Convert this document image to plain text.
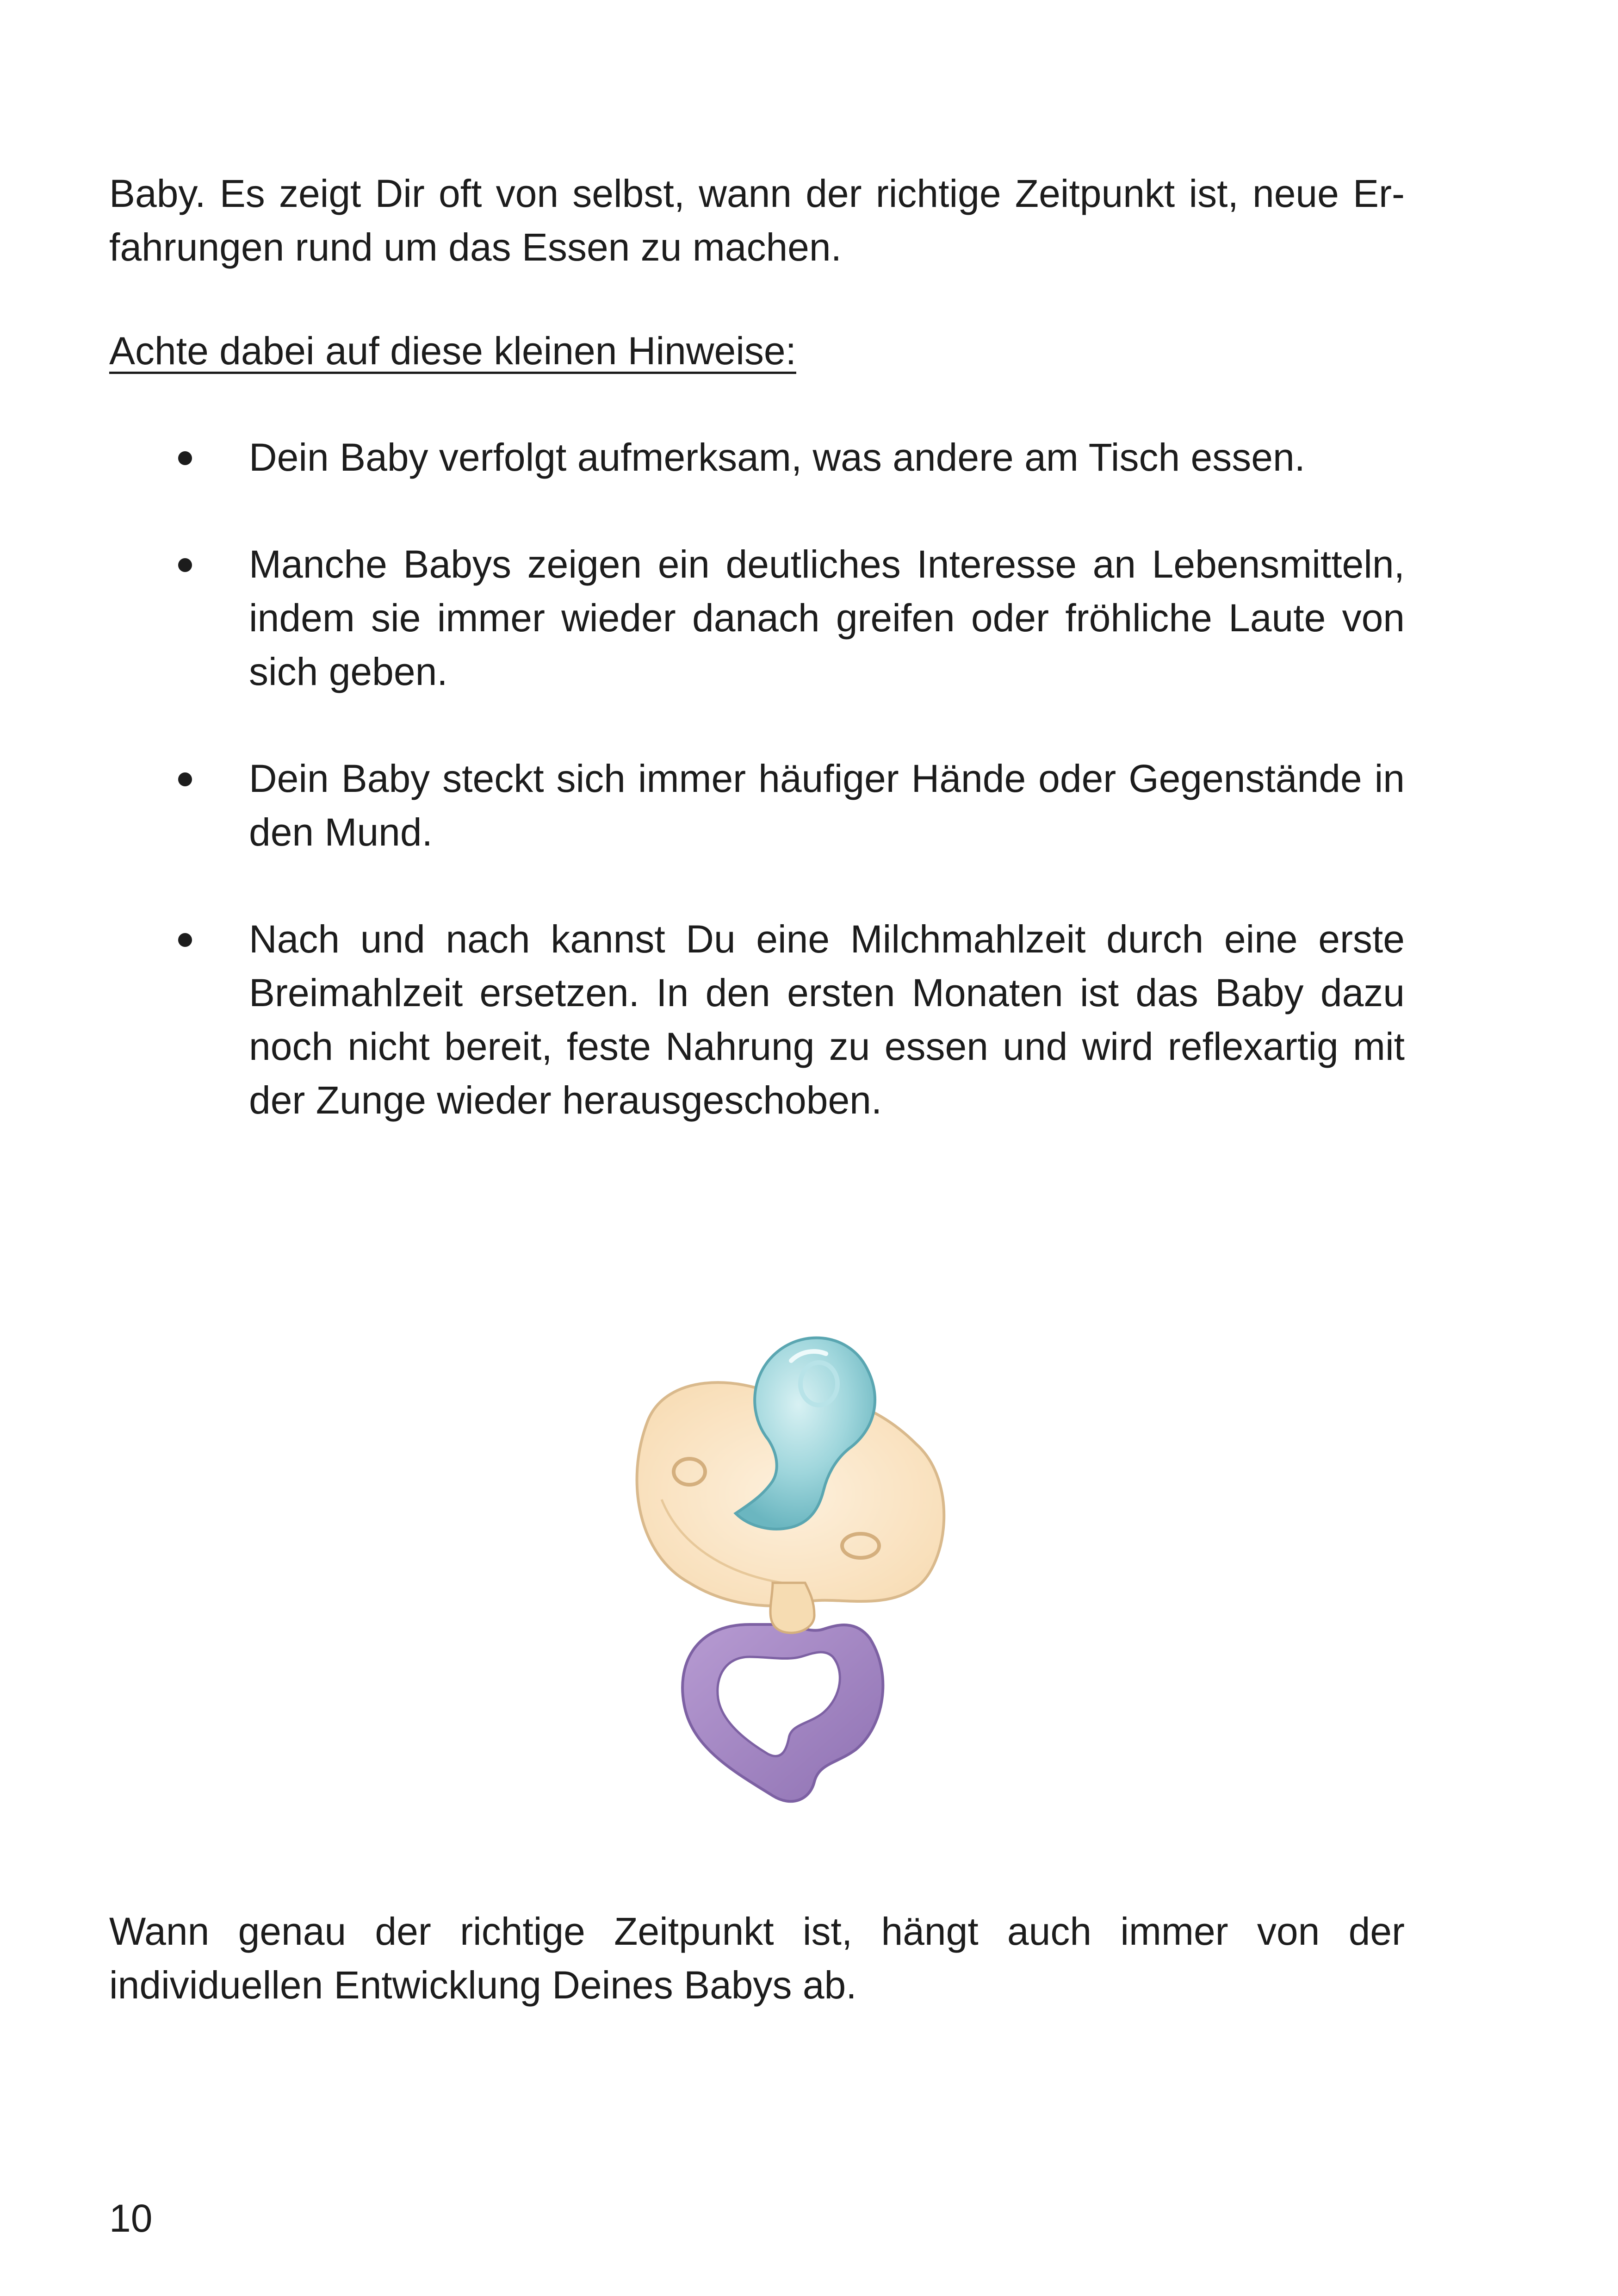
Baby. Es zeigt Dir oft von selbst, wann der richtige Zeitpunkt ist, neue Er-fahrungen rund um das Essen zu machen.

Achte dabei auf diese kleinen Hinweise:

Dein Baby verfolgt aufmerksam, was andere am Tisch essen.
Manche Babys zeigen ein deutliches Interesse an Lebensmitteln, indem sie immer wieder danach greifen oder fröhliche Laute von sich geben.
Dein Baby steckt sich immer häufiger Hände oder Gegenstände in den Mund.
Nach und nach kannst Du eine Milchmahlzeit durch eine erste Breimahlzeit ersetzen. In den ersten Monaten ist das Baby dazu noch nicht bereit, feste Nahrung zu essen und wird reflexartig mit der Zunge wieder herausgeschoben.

Wann genau der richtige Zeitpunkt ist, hängt auch immer von der individuellen Entwicklung Deines Babys ab.

10
